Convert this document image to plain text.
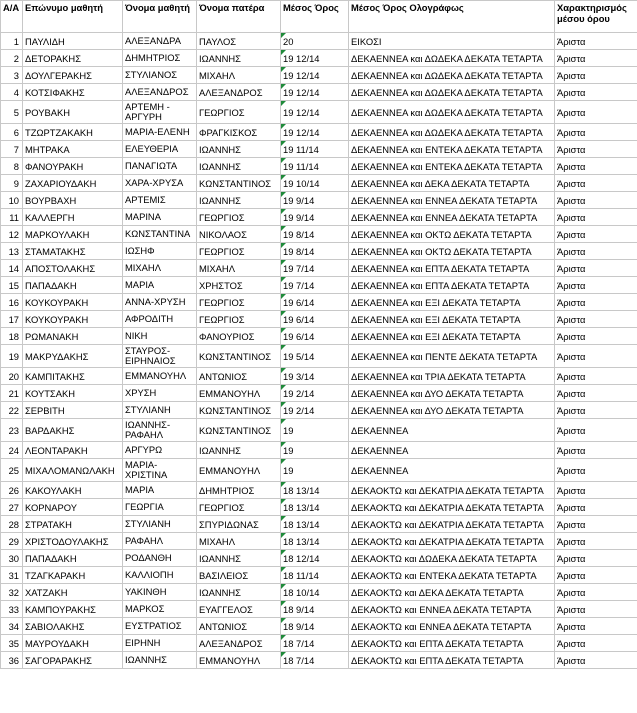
Α/Α	Επώνυμο μαθητή	Όνομα μαθητή	Όνομα πατέρα	Μέσος Όρος	Μέσος Όρος Ολογράφως	Χαρακτηρισμός μέσου όρου
1	ΠΑΥΛΙΔΗ	ΑΛΕΞΑΝΔΡΑ	ΠΑΥΛΟΣ	20	ΕΙΚΟΣΙ	Άριστα
2	ΔΕΤΟΡΑΚΗΣ	ΔΗΜΗΤΡΙΟΣ	ΙΩΑΝΝΗΣ	19 12/14	ΔΕΚΑΕΝΝΕΑ και ΔΩΔΕΚΑ ΔΕΚΑΤΑ ΤΕΤΑΡΤΑ	Άριστα
3	ΔΟΥΛΓΕΡΑΚΗΣ	ΣΤΥΛΙΑΝΟΣ	ΜΙΧΑΗΛ	19 12/14	ΔΕΚΑΕΝΝΕΑ και ΔΩΔΕΚΑ ΔΕΚΑΤΑ ΤΕΤΑΡΤΑ	Άριστα
4	ΚΟΤΣΙΦΑΚΗΣ	ΑΛΕΞΑΝΔΡΟΣ	ΑΛΕΞΑΝΔΡΟΣ	19 12/14	ΔΕΚΑΕΝΝΕΑ και ΔΩΔΕΚΑ ΔΕΚΑΤΑ ΤΕΤΑΡΤΑ	Άριστα
5	ΡΟΥΒΑΚΗ	ΑΡΤΕΜΗ - ΑΡΓΥΡΗ	ΓΕΩΡΓΙΟΣ	19 12/14	ΔΕΚΑΕΝΝΕΑ και ΔΩΔΕΚΑ ΔΕΚΑΤΑ ΤΕΤΑΡΤΑ	Άριστα
6	ΤΖΩΡΤΖΑΚΑΚΗ	ΜΑΡΙΑ-ΕΛΕΝΗ	ΦΡΑΓΚΙΣΚΟΣ	19 12/14	ΔΕΚΑΕΝΝΕΑ και ΔΩΔΕΚΑ ΔΕΚΑΤΑ ΤΕΤΑΡΤΑ	Άριστα
7	ΜΗΤΡΑΚΑ	ΕΛΕΥΘΕΡΙΑ	ΙΩΑΝΝΗΣ	19 11/14	ΔΕΚΑΕΝΝΕΑ και ΕΝΤΕΚΑ ΔΕΚΑΤΑ ΤΕΤΑΡΤΑ	Άριστα
8	ΦΑΝΟΥΡΑΚΗ	ΠΑΝΑΓΙΩΤΑ	ΙΩΑΝΝΗΣ	19 11/14	ΔΕΚΑΕΝΝΕΑ και ΕΝΤΕΚΑ ΔΕΚΑΤΑ ΤΕΤΑΡΤΑ	Άριστα
9	ΖΑΧΑΡΙΟΥΔΑΚΗ	ΧΑΡΑ-ΧΡΥΣΑ	ΚΩΝΣΤΑΝΤΙΝΟΣ	19 10/14	ΔΕΚΑΕΝΝΕΑ και ΔΕΚΑ ΔΕΚΑΤΑ ΤΕΤΑΡΤΑ	Άριστα
10	ΒΟΥΡΒΑΧΗ	ΑΡΤΕΜΙΣ	ΙΩΑΝΝΗΣ	19 9/14	ΔΕΚΑΕΝΝΕΑ και ΕΝΝΕΑ ΔΕΚΑΤΑ ΤΕΤΑΡΤΑ	Άριστα
11	ΚΑΛΛΕΡΓΗ	ΜΑΡΙΝΑ	ΓΕΩΡΓΙΟΣ	19 9/14	ΔΕΚΑΕΝΝΕΑ και ΕΝΝΕΑ ΔΕΚΑΤΑ ΤΕΤΑΡΤΑ	Άριστα
12	ΜΑΡΚΟΥΛΑΚΗ	ΚΩΝΣΤΑΝΤΙΝΑ	ΝΙΚΟΛΑΟΣ	19 8/14	ΔΕΚΑΕΝΝΕΑ και ΟΚΤΩ ΔΕΚΑΤΑ ΤΕΤΑΡΤΑ	Άριστα
13	ΣΤΑΜΑΤΑΚΗΣ	ΙΩΣΗΦ	ΓΕΩΡΓΙΟΣ	19 8/14	ΔΕΚΑΕΝΝΕΑ και ΟΚΤΩ ΔΕΚΑΤΑ ΤΕΤΑΡΤΑ	Άριστα
14	ΑΠΟΣΤΟΛΑΚΗΣ	ΜΙΧΑΗΛ	ΜΙΧΑΗΛ	19 7/14	ΔΕΚΑΕΝΝΕΑ και ΕΠΤΑ ΔΕΚΑΤΑ ΤΕΤΑΡΤΑ	Άριστα
15	ΠΑΠΑΔΑΚΗ	ΜΑΡΙΑ	ΧΡΗΣΤΟΣ	19 7/14	ΔΕΚΑΕΝΝΕΑ και ΕΠΤΑ ΔΕΚΑΤΑ ΤΕΤΑΡΤΑ	Άριστα
16	ΚΟΥΚΟΥΡΑΚΗ	ΑΝΝΑ-ΧΡΥΣΗ	ΓΕΩΡΓΙΟΣ	19 6/14	ΔΕΚΑΕΝΝΕΑ και ΕΞΙ ΔΕΚΑΤΑ ΤΕΤΑΡΤΑ	Άριστα
17	ΚΟΥΚΟΥΡΑΚΗ	ΑΦΡΟΔΙΤΗ	ΓΕΩΡΓΙΟΣ	19 6/14	ΔΕΚΑΕΝΝΕΑ και ΕΞΙ ΔΕΚΑΤΑ ΤΕΤΑΡΤΑ	Άριστα
18	ΡΩΜΑΝΑΚΗ	ΝΙΚΗ	ΦΑΝΟΥΡΙΟΣ	19 6/14	ΔΕΚΑΕΝΝΕΑ και ΕΞΙ ΔΕΚΑΤΑ ΤΕΤΑΡΤΑ	Άριστα
19	ΜΑΚΡΥΔΑΚΗΣ	ΣΤΑΥΡΟΣ-ΕΙΡΗΝΑΙΟΣ	ΚΩΝΣΤΑΝΤΙΝΟΣ	19 5/14	ΔΕΚΑΕΝΝΕΑ και ΠΕΝΤΕ ΔΕΚΑΤΑ ΤΕΤΑΡΤΑ	Άριστα
20	ΚΑΜΠΙΤΑΚΗΣ	ΕΜΜΑΝΟΥΗΛ	ΑΝΤΩΝΙΟΣ	19 3/14	ΔΕΚΑΕΝΝΕΑ και ΤΡΙΑ ΔΕΚΑΤΑ ΤΕΤΑΡΤΑ	Άριστα
21	ΚΟΥΤΣΑΚΗ	ΧΡΥΣΗ	ΕΜΜΑΝΟΥΗΛ	19 2/14	ΔΕΚΑΕΝΝΕΑ και ΔΥΟ ΔΕΚΑΤΑ ΤΕΤΑΡΤΑ	Άριστα
22	ΣΕΡΒΙΤΗ	ΣΤΥΛΙΑΝΗ	ΚΩΝΣΤΑΝΤΙΝΟΣ	19 2/14	ΔΕΚΑΕΝΝΕΑ και ΔΥΟ ΔΕΚΑΤΑ ΤΕΤΑΡΤΑ	Άριστα
23	ΒΑΡΔΑΚΗΣ	ΙΩΑΝΝΗΣ-ΡΑΦΑΗΛ	ΚΩΝΣΤΑΝΤΙΝΟΣ	19	ΔΕΚΑΕΝΝΕΑ	Άριστα
24	ΛΕΟΝΤΑΡΑΚΗ	ΑΡΓΥΡΩ	ΙΩΑΝΝΗΣ	19	ΔΕΚΑΕΝΝΕΑ	Άριστα
25	ΜΙΧΑΛΟΜΑΝΩΛΑΚΗ	ΜΑΡΙΑ-ΧΡΙΣΤΙΝΑ	ΕΜΜΑΝΟΥΗΛ	19	ΔΕΚΑΕΝΝΕΑ	Άριστα
26	ΚΑΚΟΥΛΑΚΗ	ΜΑΡΙΑ	ΔΗΜΗΤΡΙΟΣ	18 13/14	ΔΕΚΑΟΚΤΩ και ΔΕΚΑΤΡΙΑ ΔΕΚΑΤΑ ΤΕΤΑΡΤΑ	Άριστα
27	ΚΟΡΝΑΡΟΥ	ΓΕΩΡΓΙΑ	ΓΕΩΡΓΙΟΣ	18 13/14	ΔΕΚΑΟΚΤΩ και ΔΕΚΑΤΡΙΑ ΔΕΚΑΤΑ ΤΕΤΑΡΤΑ	Άριστα
28	ΣΤΡΑΤΑΚΗ	ΣΤΥΛΙΑΝΗ	ΣΠΥΡΙΔΩΝΑΣ	18 13/14	ΔΕΚΑΟΚΤΩ και ΔΕΚΑΤΡΙΑ ΔΕΚΑΤΑ ΤΕΤΑΡΤΑ	Άριστα
29	ΧΡΙΣΤΟΔΟΥΛΑΚΗΣ	ΡΑΦΑΗΛ	ΜΙΧΑΗΛ	18 13/14	ΔΕΚΑΟΚΤΩ και ΔΕΚΑΤΡΙΑ ΔΕΚΑΤΑ ΤΕΤΑΡΤΑ	Άριστα
30	ΠΑΠΑΔΑΚΗ	ΡΟΔΑΝΘΗ	ΙΩΑΝΝΗΣ	18 12/14	ΔΕΚΑΟΚΤΩ και ΔΩΔΕΚΑ ΔΕΚΑΤΑ ΤΕΤΑΡΤΑ	Άριστα
31	ΤΖΑΓΚΑΡΑΚΗ	ΚΑΛΛΙΟΠΗ	ΒΑΣΙΛΕΙΟΣ	18 11/14	ΔΕΚΑΟΚΤΩ και ΕΝΤΕΚΑ ΔΕΚΑΤΑ ΤΕΤΑΡΤΑ	Άριστα
32	ΧΑΤΖΑΚΗ	ΥΑΚΙΝΘΗ	ΙΩΑΝΝΗΣ	18 10/14	ΔΕΚΑΟΚΤΩ και ΔΕΚΑ ΔΕΚΑΤΑ ΤΕΤΑΡΤΑ	Άριστα
33	ΚΑΜΠΟΥΡΑΚΗΣ	ΜΑΡΚΟΣ	ΕΥΑΓΓΕΛΟΣ	18 9/14	ΔΕΚΑΟΚΤΩ και ΕΝΝΕΑ ΔΕΚΑΤΑ ΤΕΤΑΡΤΑ	Άριστα
34	ΣΑΒΙΟΛΑΚΗΣ	ΕΥΣΤΡΑΤΙΟΣ	ΑΝΤΩΝΙΟΣ	18 9/14	ΔΕΚΑΟΚΤΩ και ΕΝΝΕΑ ΔΕΚΑΤΑ ΤΕΤΑΡΤΑ	Άριστα
35	ΜΑΥΡΟΥΔΑΚΗ	ΕΙΡΗΝΗ	ΑΛΕΞΑΝΔΡΟΣ	18 7/14	ΔΕΚΑΟΚΤΩ και ΕΠΤΑ ΔΕΚΑΤΑ ΤΕΤΑΡΤΑ	Άριστα
36	ΣΑΓΟΡΑΡΑΚΗΣ	ΙΩΑΝΝΗΣ	ΕΜΜΑΝΟΥΗΛ	18 7/14	ΔΕΚΑΟΚΤΩ και ΕΠΤΑ ΔΕΚΑΤΑ ΤΕΤΑΡΤΑ	Άριστα
